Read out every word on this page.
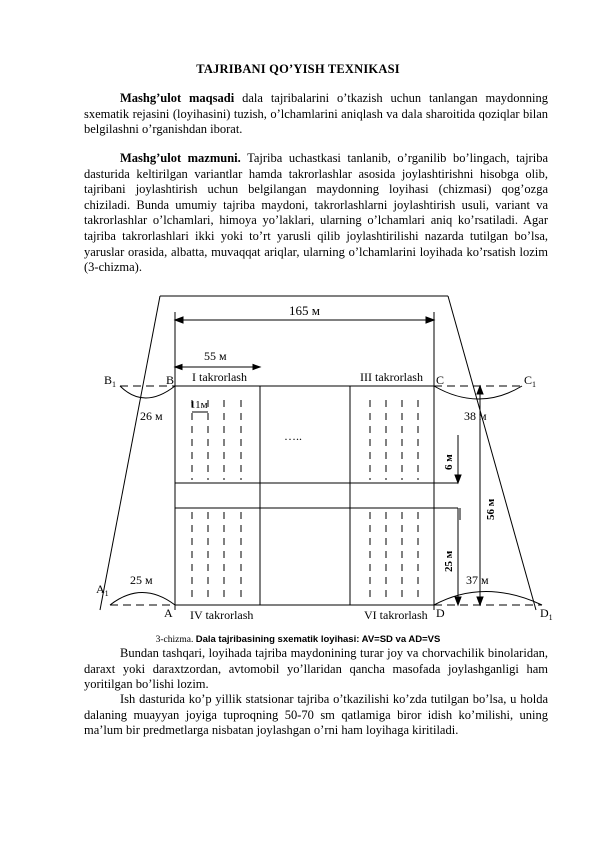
TAJRIBANI QO’YISH TEXNIKASI

Mashg’ulot maqsadi dala tajribalarini o’tkazish uchun tanlangan maydonning sxematik rejasini (loyihasini) tuzish, o’lchamlarini aniqlash va dala sharoitida qoziqlar bilan belgilashni o’rganishdan iborat.

Mashg’ulot mazmuni. Tajriba uchastkasi tanlanib, o’rganilib bo’lingach, tajriba dasturida keltirilgan variantlar hamda takrorlashlar asosida joylashtirishni hisobga olib, tajribani joylashtirish uchun belgilangan maydonning loyihasi (chizmasi) qog’ozga chiziladi. Bunda umumiy tajriba maydoni, takrorlashlarni joylashtirish usuli, variant va takrorlashlar o’lchamlari, himoya yo’laklari, ularning o’lchamlari aniq ko’rsatiladi. Agar tajriba takrorlashlari ikki yoki to’rt yarusli qilib joylashtirilishi nazarda tutilgan bo’lsa, yaruslar orasida, albatta, muvaqqat ariqlar, ularning o’lchamlarini loyihada ko’rsatish lozim (3-chizma).

165 м
55 м
11м
26 м	38 м
25 м	37 м
6 м
56 м
25 м
$B_1$	B	C	$C_1$
$A_1$
A	D	$D_1$
I takrorlash	III takrorlash
IV takrorlash	VI takrorlash
…..
3-chizma. Dala tajribasining sxematik loyihasi: AV=SD va AD=VS

Bundan tashqari, loyihada tajriba maydonining turar joy va chorvachilik binolaridan, daraxt yoki daraxtzordan, avtomobil yo’llaridan qancha masofada joylashganligi ham yoritilgan bo’lishi lozim.

Ish dasturida ko’p yillik statsionar tajriba o’tkazilishi ko’zda tutilgan bo’lsa, u holda dalaning muayyan joyiga tuproqning 50-70 sm qatlamiga biror idish ko’milishi, uning ma’lum bir predmetlarga nisbatan joylashgan o’rni ham loyihaga kiritiladi.
